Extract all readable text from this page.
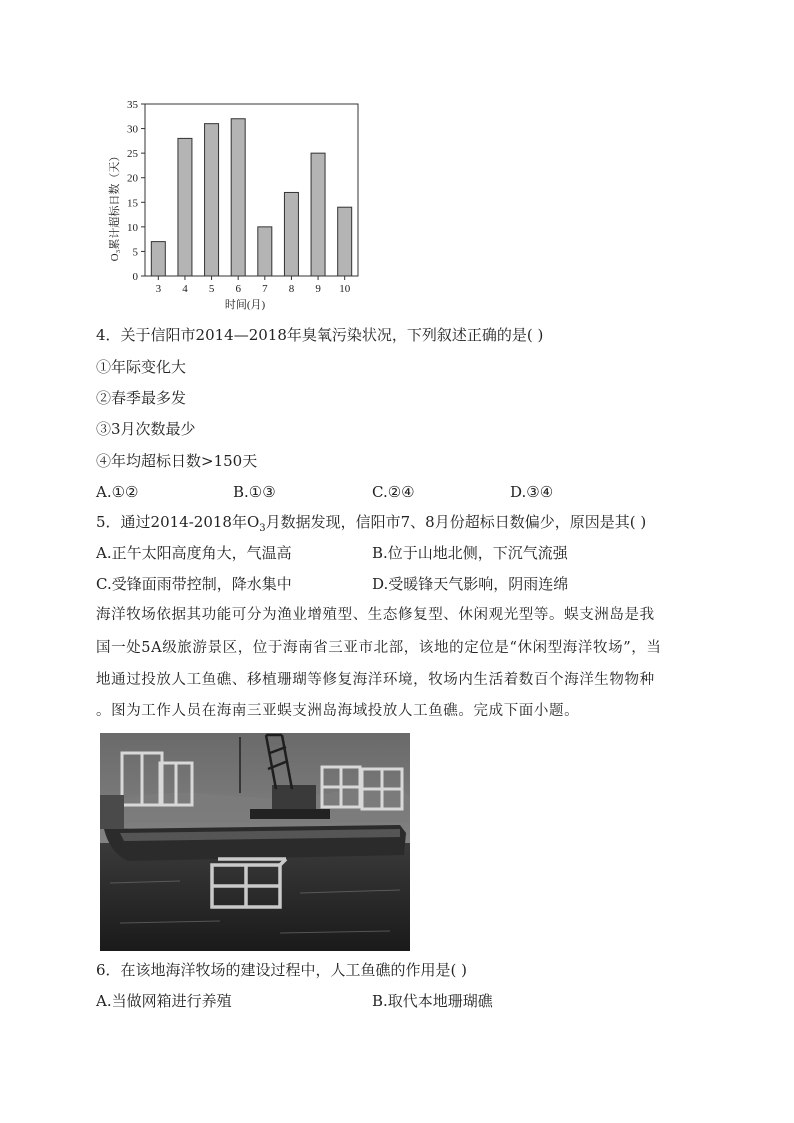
O₃累计超标日数（天）
0
5
10
15
20
25
30
35
3 4 5 6 7 8 9 10
时间(月)
4．关于信阳市2014—2018年臭氧污染状况，下列叙述正确的是( )
①年际变化大
②春季最多发
③3月次数最少
④年均超标日数>150天
A.①②	B.①③	C.②④	D.③④
5．通过2014-2018年$O_3$月数据发现，信阳市7、8月份超标日数偏少，原因是其( )
A.正午太阳高度角大，气温高	B.位于山地北侧，下沉气流强
C.受锋面雨带控制，降水集中	D.受暖锋天气影响，阴雨连绵
海洋牧场依据其功能可分为渔业增殖型、生态修复型、休闲观光型等。蜈支洲岛是我
国一处5A级旅游景区，位于海南省三亚市北部，该地的定位是“休闲型海洋牧场”，当
地通过投放人工鱼礁、移植珊瑚等修复海洋环境，牧场内生活着数百个海洋生物物种
。图为工作人员在海南三亚蜈支洲岛海域投放人工鱼礁。完成下面小题。
6．在该地海洋牧场的建设过程中，人工鱼礁的作用是( )
A.当做网箱进行养殖	B.取代本地珊瑚礁
